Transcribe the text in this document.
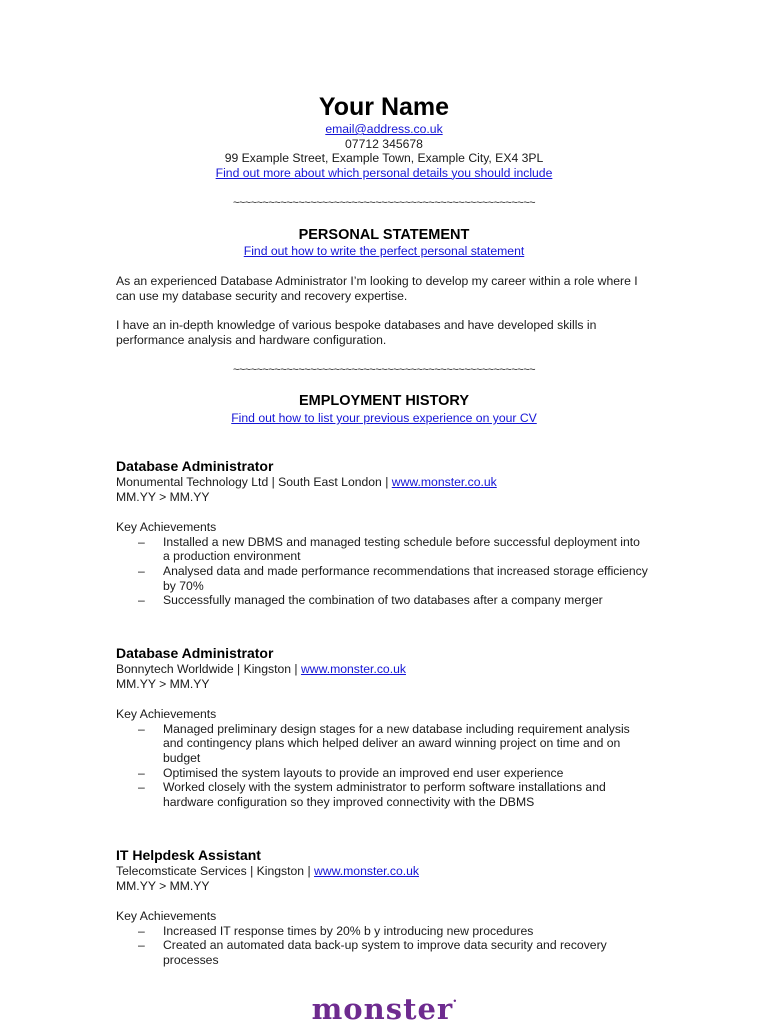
Your Name
email@address.co.uk
07712 345678
99 Example Street, Example Town, Example City, EX4 3PL
Find out more about which personal details you should include
~~~~~~~~~~~~~~~~~~~~~~~~~~~~~~~~~~~~~~~~~~~~~~~~~~~
PERSONAL STATEMENT
Find out how to write the perfect personal statement
As an experienced Database Administrator I’m looking to develop my career within a role where I can use my database security and recovery expertise.
I have an in-depth knowledge of various bespoke databases and have developed skills in performance analysis and hardware configuration.
~~~~~~~~~~~~~~~~~~~~~~~~~~~~~~~~~~~~~~~~~~~~~~~~~~~
EMPLOYMENT HISTORY
Find out how to list your previous experience on your CV
Database Administrator
Monumental Technology Ltd | South East London | www.monster.co.uk
MM.YY > MM.YY
Key Achievements
– Installed a new DBMS and managed testing schedule before successful deployment into a production environment
– Analysed data and made performance recommendations that increased storage efficiency by 70%
– Successfully managed the combination of two databases after a company merger
Database Administrator
Bonnytech Worldwide | Kingston | www.monster.co.uk
MM.YY > MM.YY
Key Achievements
– Managed preliminary design stages for a new database including requirement analysis and contingency plans which helped deliver an award winning project on time and on budget
– Optimised the system layouts to provide an improved end user experience
– Worked closely with the system administrator to perform software installations and hardware configuration so they improved connectivity with the DBMS
IT Helpdesk Assistant
Telecomsticate Services | Kingston | www.monster.co.uk
MM.YY > MM.YY
Key Achievements
– Increased IT response times by 20% b y introducing new procedures
– Created an automated data back-up system to improve data security and recovery processes
monster•
